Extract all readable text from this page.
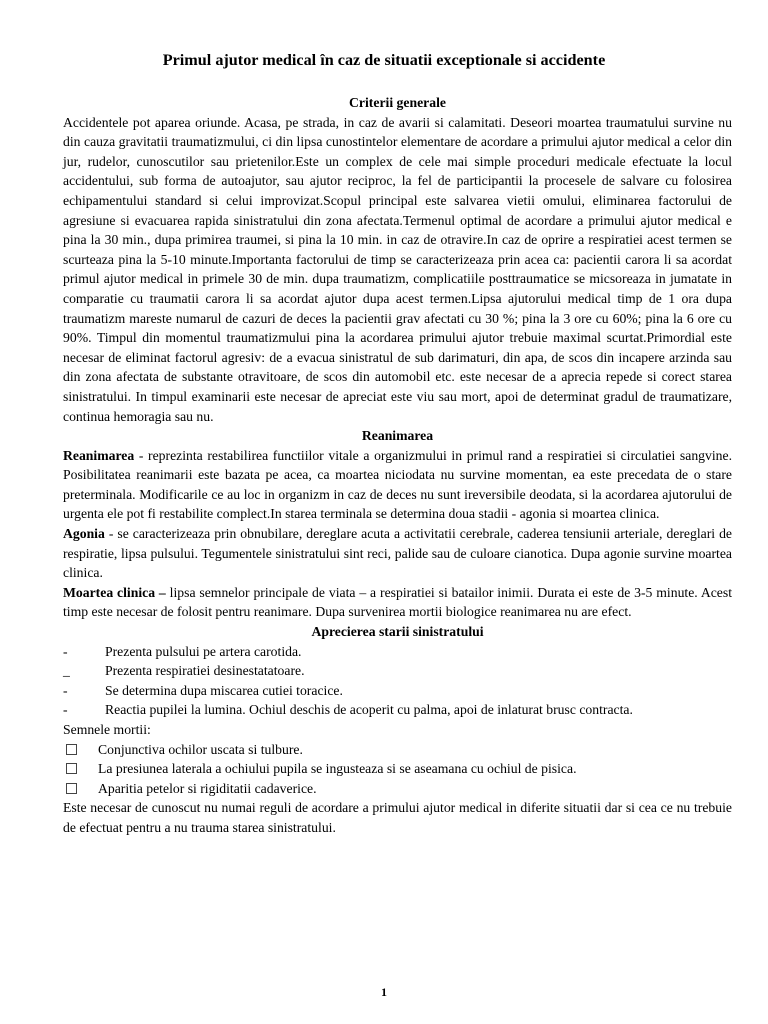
Primul ajutor medical în caz de situatii exceptionale si accidente

Criterii generale

Accidentele pot aparea oriunde. Acasa, pe strada, in caz de avarii si calamitati. Deseori moartea traumatului survine nu din cauza gravitatii traumatizmului, ci din lipsa cunostintelor elementare de acordare a primului ajutor medical a celor din jur, rudelor, cunoscutilor sau prietenilor.Este un complex de cele mai simple proceduri medicale efectuate la locul accidentului, sub forma de autoajutor, sau ajutor reciproc, la fel de participantii la procesele de salvare cu folosirea echipamentului standard si celui improvizat.Scopul principal este salvarea vietii omului, eliminarea factorului de agresiune si evacuarea rapida sinistratului din zona afectata.Termenul optimal de acordare a primului ajutor medical e pina la 30 min., dupa primirea traumei, si pina la 10 min. in caz de otravire.In caz de oprire a respiratiei acest termen se scurteaza pina la 5-10 minute.Importanta factorului de timp se caracterizeaza prin acea ca: pacientii carora li sa acordat primul ajutor medical in primele 30 de min. dupa traumatizm, complicatiile posttraumatice se micsoreaza in jumatate in comparatie cu traumatii carora li sa acordat ajutor dupa acest termen.Lipsa ajutorului medical timp de 1 ora dupa traumatizm mareste numarul de cazuri de deces la pacientii grav afectati cu 30 %; pina la 3 ore cu 60%; pina la 6 ore cu 90%. Timpul din momentul traumatizmului pina la acordarea primului ajutor trebuie maximal scurtat.Primordial este necesar de eliminat factorul agresiv: de a evacua sinistratul de sub darimaturi, din apa, de scos din incapere arzinda sau din zona afectata de substante otravitoare, de scos din automobil etc. este necesar de a aprecia repede si corect starea sinistratului. In timpul examinarii este necesar de apreciat este viu sau mort, apoi de determinat gradul de traumatizare, continua hemoragia sau nu.

Reanimarea

Reanimarea - reprezinta restabilirea functiilor vitale a organizmului in primul rand a respiratiei si circulatiei sangvine. Posibilitatea reanimarii este bazata pe acea, ca moartea niciodata nu survine momentan, ea este precedata de o stare preterminala. Modificarile ce au loc in organizm in caz de deces nu sunt ireversibile deodata, si la acordarea ajutorului de urgenta ele pot fi restabilite complect.In starea terminala se determina doua stadii - agonia si moartea clinica.

Agonia - se caracterizeaza prin obnubilare, dereglare acuta a activitatii cerebrale, caderea tensiunii arteriale, dereglari de respiratie, lipsa pulsului. Tegumentele sinistratului sint reci, palide sau de culoare cianotica. Dupa agonie survine moartea clinica.

Moartea clinica – lipsa semnelor principale de viata – a respiratiei si batailor inimii. Durata ei este de 3-5 minute. Acest timp este necesar de folosit pentru reanimare. Dupa survenirea mortii biologice reanimarea nu are efect.

Aprecierea starii sinistratului

-	Prezenta pulsului pe artera carotida.
_	Prezenta respiratiei desinestatatoare.
-	Se determina dupa miscarea cutiei toracice.
-	Reactia pupilei la lumina. Ochiul deschis de acoperit cu palma, apoi de inlaturat brusc contracta.

Semnele mortii:

Conjunctiva ochilor uscata si tulbure.
La presiunea laterala a ochiului pupila se ingusteaza si se aseamana cu ochiul de pisica.
Aparitia petelor si rigiditatii cadaverice.

Este necesar de cunoscut nu numai reguli de acordare a primului ajutor medical in diferite situatii dar si cea ce nu trebuie de efectuat pentru a nu trauma starea sinistratului.

1
